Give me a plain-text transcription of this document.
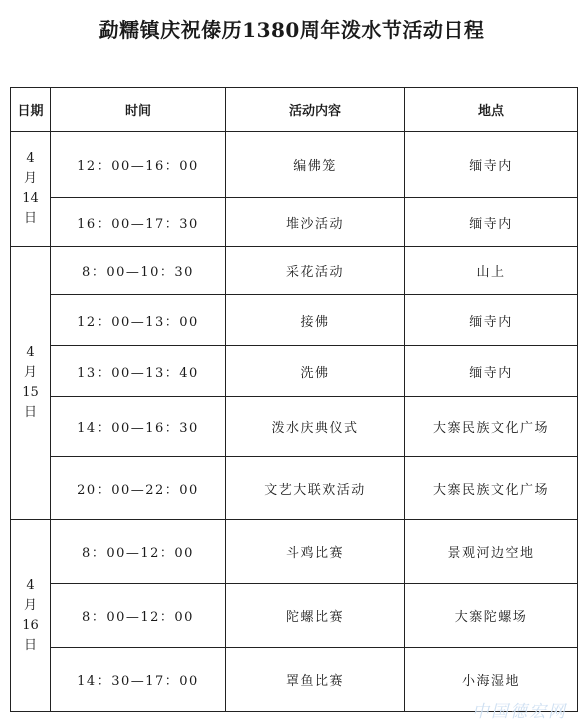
勐糯镇庆祝傣历1380周年泼水节活动日程
日期	时间	活动内容	地点
4 月 14 日	12：00—16：00	编佛笼	缅寺内
	16：00—17：30	堆沙活动	缅寺内
4 月 15 日	8：00—10：30	采花活动	山上
	12：00—13：00	接佛	缅寺内
	13：00—13：40	洗佛	缅寺内
	14：00—16：30	泼水庆典仪式	大寨民族文化广场
	20：00—22：00	文艺大联欢活动	大寨民族文化广场
4 月 16 日	8：00—12：00	斗鸡比赛	景观河边空地
	8：00—12：00	陀螺比赛	大寨陀螺场
	14：30—17：00	罩鱼比赛	小海湿地
中国德宏网
